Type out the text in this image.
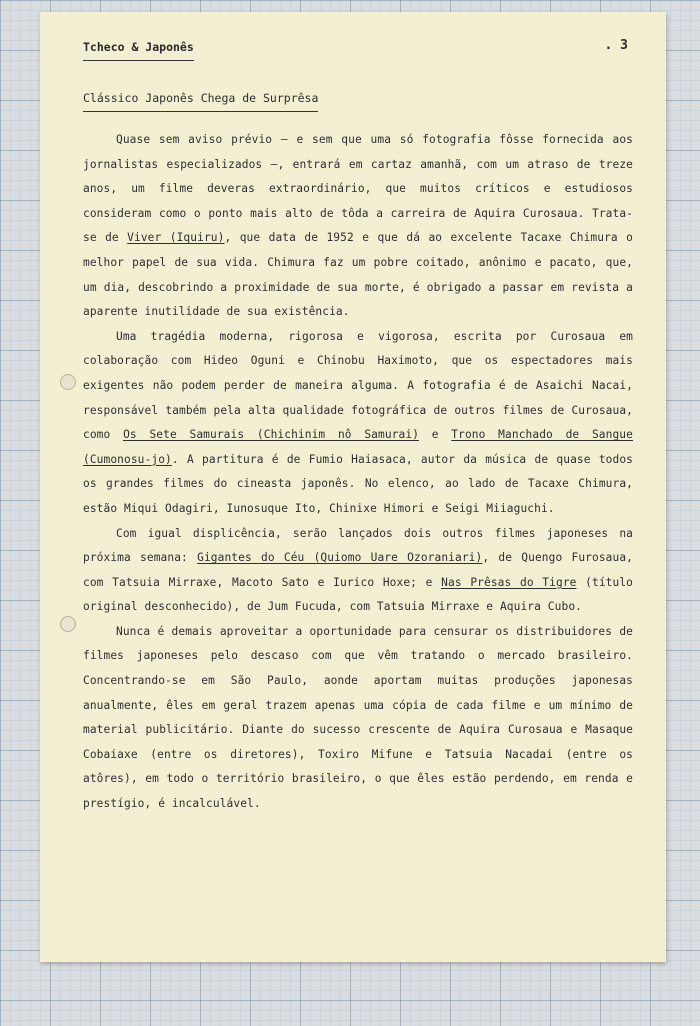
Tcheco & Japonês	. 3
Clássico Japonês Chega de Surprêsa

Quase sem aviso prévio — e sem que uma só fotografia fôsse fornecida aos jornalistas especializados —, entrará em cartaz amanhã, com um atraso de treze anos, um filme deveras extraordinário, que muitos críticos e estudiosos consideram como o ponto mais alto de tôda a carreira de Aquira Curosaua. Trata-se de Viver (Iquiru), que data de 1952 e que dá ao excelente Tacaxe Chimura o melhor papel de sua vida. Chimura faz um pobre coitado, anônimo e pacato, que, um dia, descobrindo a proximidade de sua morte, é obrigado a passar em revista a aparente inutilidade de sua existência.

Uma tragédia moderna, rigorosa e vigorosa, escrita por Curosaua em colaboração com Hideo Oguni e Chinobu Haximoto, que os espectadores mais exigentes não podem perder de maneira alguma. A fotografia é de Asaichi Nacai, responsável também pela alta qualidade fotográfica de outros filmes de Curosaua, como Os Sete Samurais (Chichinim nô Samurai) e Trono Manchado de Sangue (Cumonosu-jo). A partitura é de Fumio Haiasaca, autor da música de quase todos os grandes filmes do cineasta japonês. No elenco, ao lado de Tacaxe Chimura, estão Miqui Odagiri, Iunosuque Ito, Chinixe Himori e Seigi Miiaguchi.

Com igual displicência, serão lançados dois outros filmes japoneses na próxima semana: Gigantes do Céu (Quiomo Uare Ozoraniari), de Quengo Furosaua, com Tatsuia Mirraxe, Macoto Sato e Iurico Hoxe; e Nas Prêsas do Tigre (título original desconhecido), de Jum Fucuda, com Tatsuia Mirraxe e Aquira Cubo.

Nunca é demais aproveitar a oportunidade para censurar os distribuidores de filmes japoneses pelo descaso com que vêm tratando o mercado brasileiro. Concentrando-se em São Paulo, aonde aportam muitas produções japonesas anualmente, êles em geral trazem apenas uma cópia de cada filme e um mínimo de material publicitário. Diante do sucesso crescente de Aquira Curosaua e Masaque Cobaiaxe (entre os diretores), Toxiro Mifune e Tatsuia Nacadai (entre os atôres), em todo o território brasileiro, o que êles estão perdendo, em renda e prestígio, é incalculável.
